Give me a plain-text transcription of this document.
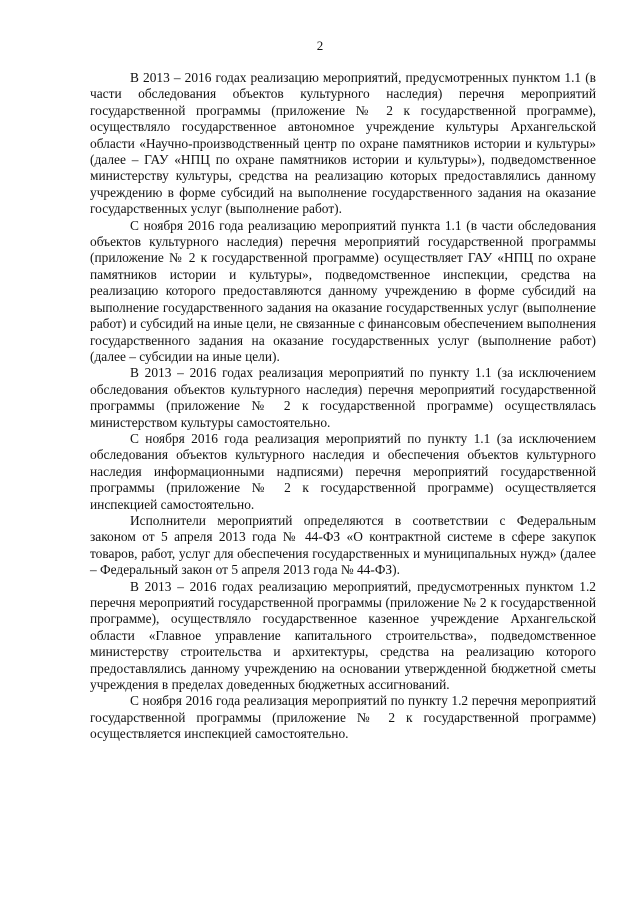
2

В 2013 – 2016 годах реализацию мероприятий, предусмотренных пунктом 1.1 (в части обследования объектов культурного наследия) перечня мероприятий государственной программы (приложение № 2 к государственной программе), осуществляло государственное автономное учреждение культуры Архангельской области «Научно-производственный центр по охране памятников истории и культуры» (далее – ГАУ «НПЦ по охране памятников истории и культуры»), подведомственное министерству культуры, средства на реализацию которых предоставлялись данному учреждению в форме субсидий на выполнение государственного задания на оказание государственных услуг (выполнение работ).

С ноября 2016 года реализацию мероприятий пункта 1.1 (в части обследования объектов культурного наследия) перечня мероприятий государственной программы (приложение № 2 к государственной программе) осуществляет ГАУ «НПЦ по охране памятников истории и культуры», подведомственное инспекции, средства на реализацию которого предоставляются данному учреждению в форме субсидий на выполнение государственного задания на оказание государственных услуг (выполнение работ) и субсидий на иные цели, не связанные с финансовым обеспечением выполнения государственного задания на оказание государственных услуг (выполнение работ) (далее – субсидии на иные цели).

В 2013 – 2016 годах реализация мероприятий по пункту 1.1 (за исключением обследования объектов культурного наследия) перечня мероприятий государственной программы (приложение № 2 к государственной программе) осуществлялась министерством культуры самостоятельно.

С ноября 2016 года реализация мероприятий по пункту 1.1 (за исключением обследования объектов культурного наследия и обеспечения объектов культурного наследия информационными надписями) перечня мероприятий государственной программы (приложение № 2 к государственной программе) осуществляется инспекцией самостоятельно.

Исполнители мероприятий определяются в соответствии с Федеральным законом от 5 апреля 2013 года № 44-ФЗ «О контрактной системе в сфере закупок товаров, работ, услуг для обеспечения государственных и муниципальных нужд» (далее – Федеральный закон от 5 апреля 2013 года № 44-ФЗ).

В 2013 – 2016 годах реализацию мероприятий, предусмотренных пунктом 1.2 перечня мероприятий государственной программы (приложение № 2 к государственной программе), осуществляло государственное казенное учреждение Архангельской области «Главное управление капитального строительства», подведомственное министерству строительства и архитектуры, средства на реализацию которого предоставлялись данному учреждению на основании утвержденной бюджетной сметы учреждения в пределах доведенных бюджетных ассигнований.

С ноября 2016 года реализация мероприятий по пункту 1.2 перечня мероприятий государственной программы (приложение № 2 к государственной программе) осуществляется инспекцией самостоятельно.
